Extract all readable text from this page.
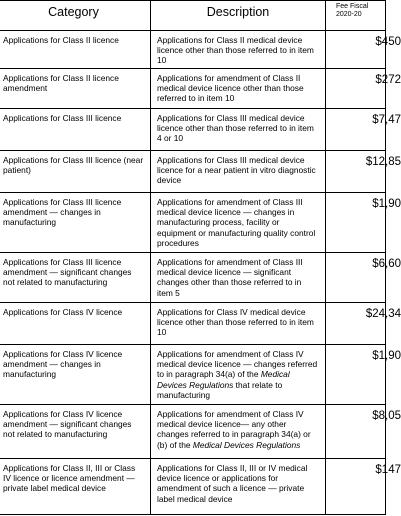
Category	Description	Fee Fiscal
2020-20
Applications for Class II licence	Applications for Class II medical device licence other than those referred to in item 10	$450
Applications for Class II licence amendment	Applications for amendment of Class II medical device licence other than those referred to in item 10	$272
Applications for Class III licence	Applications for Class III medical device licence other than those referred to in item 4 or 10	$7,47
Applications for Class III licence (near patient)	Applications for Class III medical device licence for a near patient in vitro diagnostic device	$12,85
Applications for Class III licence amendment — changes in manufacturing	Applications for amendment of Class III medical device licence — changes in manufacturing process, facility or equipment or manufacturing quality control procedures	$1,90
Applications for Class III licence amendment — significant changes not related to manufacturing	Applications for amendment of Class III medical device licence — significant changes other than those referred to in item 5	$6,60
Applications for Class IV licence	Applications for Class IV medical device licence other than those referred to in item 10	$24,34
Applications for Class IV licence amendment — changes in manufacturing	Applications for amendment of Class IV medical device licence — changes referred to in paragraph 34(a) of the Medical Devices Regulations that relate to manufacturing	$1,90
Applications for Class IV licence amendment — significant changes not related to manufacturing	Applications for amendment of Class IV medical device licence— any other changes referred to in paragraph 34(a) or (b) of the Medical Devices Regulations	$8,05
Applications for Class II, III or Class IV licence or licence amendment — private label medical device	Applications for Class II, III or IV medical device licence or applications for amendment of such a licence — private label medical device	$147
